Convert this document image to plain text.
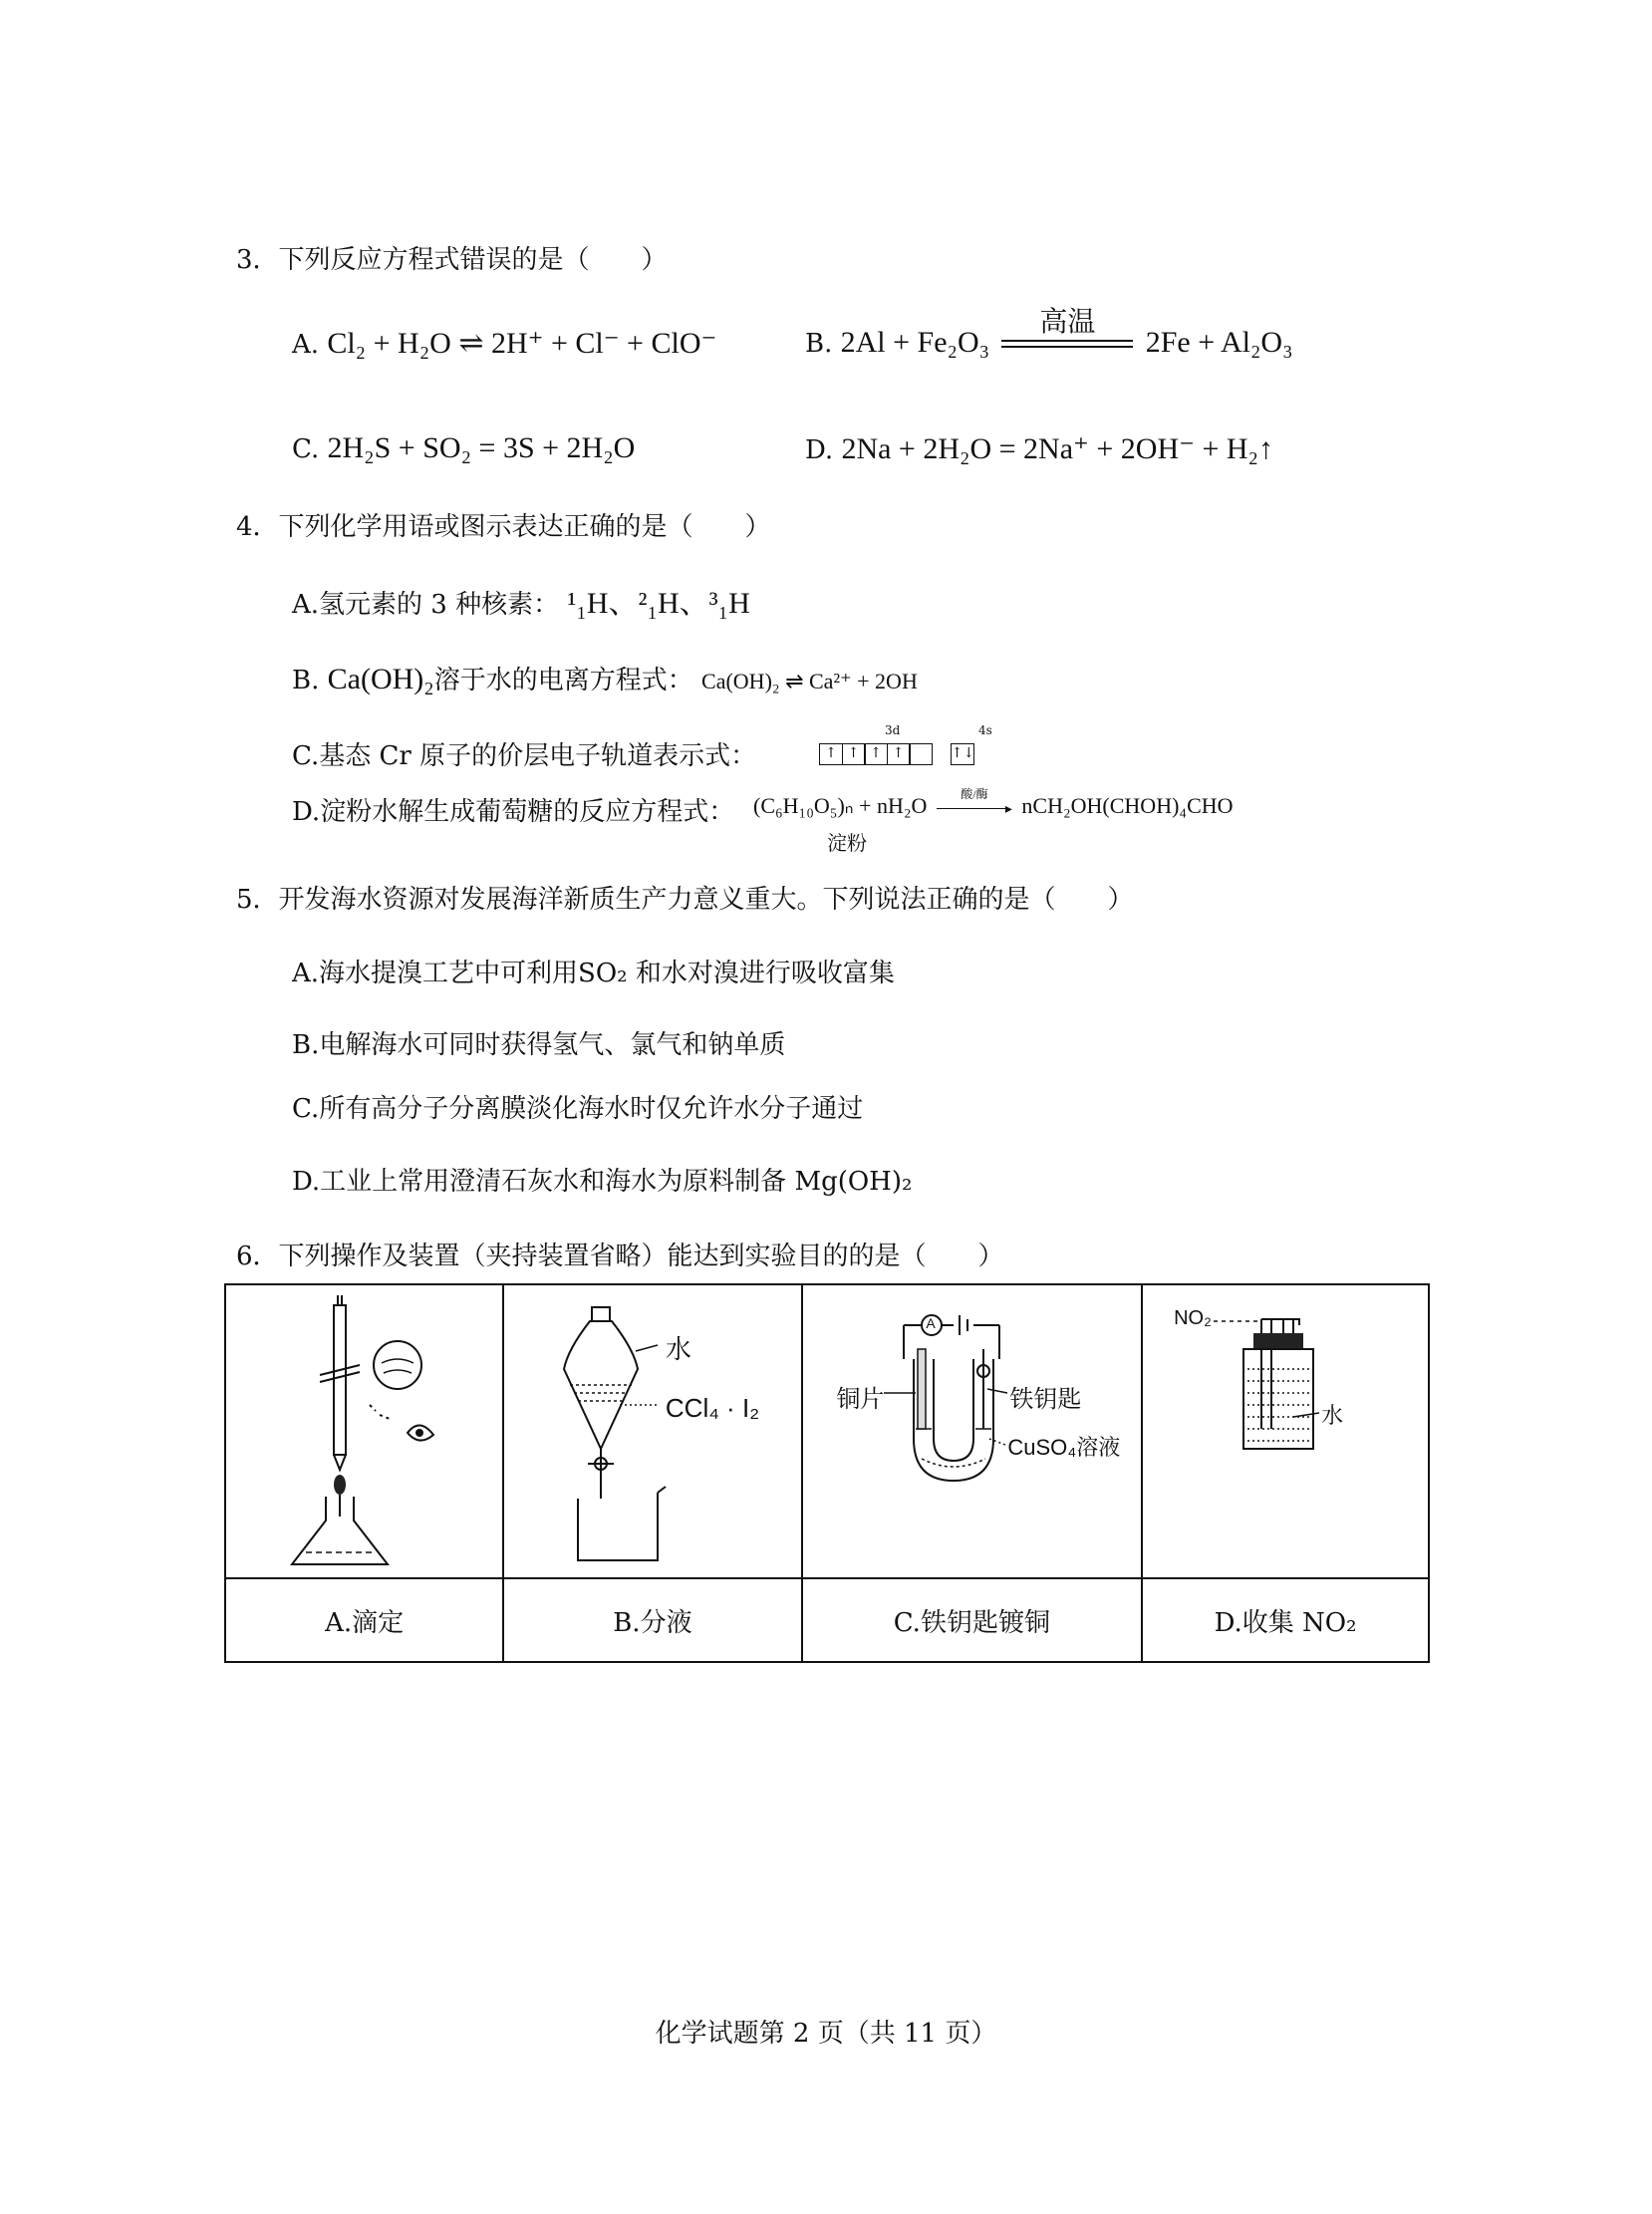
3．下列反应方程式错误的是（　　）
A. Cl₂ + H₂O ⇌ 2H⁺ + Cl⁻ + ClO⁻	B. 2Al + Fe₂O₃
高温
2Fe + Al₂O₃
C. 2H₂S + SO₂ = 3S + 2H₂O	D. 2Na + 2H₂O = 2Na⁺ + 2OH⁻ + H₂↑
4．下列化学用语或图示表达正确的是（　　）
A.氢元素的 3 种核素： ¹₁H、²₁H、³₁H
B. Ca(OH)₂溶于水的电离方程式： Ca(OH)₂ ⇌ Ca²⁺ + 2OH
C.基态 Cr 原子的价层电子轨道表示式：
3d	4s
↑ ↑ ↑ ↑	↑↓
D.淀粉水解生成葡萄糖的反应方程式： (C₆H₁₀O₅)ₙ + nH₂O	酸/酶
▸ nCH₂OH(CHOH)₄CHO
淀粉
5．开发海水资源对发展海洋新质生产力意义重大。下列说法正确的是（　　）
A.海水提溴工艺中可利用SO₂ 和水对溴进行吸收富集
B.电解海水可同时获得氢气、氯气和钠单质
C.所有高分子分离膜淡化海水时仅允许水分子通过
D.工业上常用澄清石灰水和海水为原料制备 Mg(OH)₂
6．下列操作及装置（夹持装置省略）能达到实验目的的是（　　）

水
CCl₄ · I₂	A
铜片 铁钥匙
CuSO₄溶液	NO₂
水

A.滴定	B.分液	C.铁钥匙镀铜	D.收集 NO₂
化学试题第 2 页（共 11 页）
